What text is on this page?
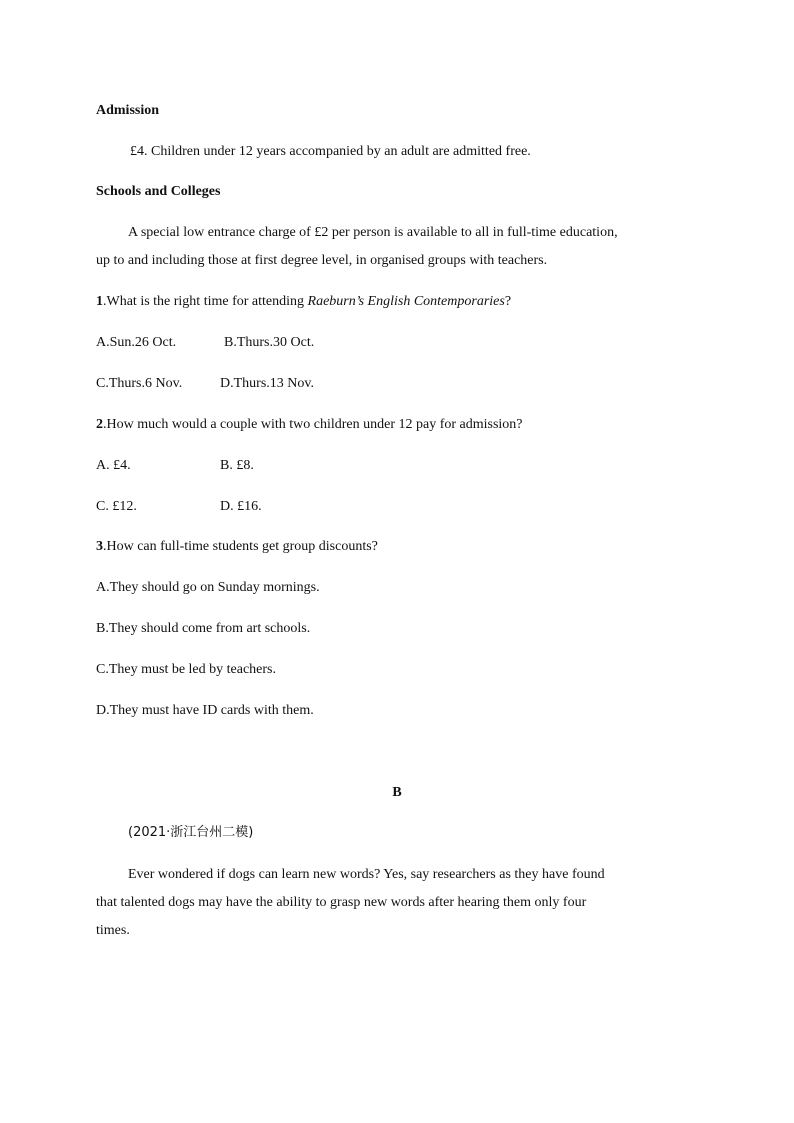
Admission
£4. Children under 12 years accompanied by an adult are admitted free.
Schools and Colleges
A special low entrance charge of £2 per person is available to all in full-time education,
up to and including those at first degree level, in organised groups with teachers.
1.What is the right time for attending Raeburn’s English Contemporaries?
A.Sun.26 Oct.	B.Thurs.30 Oct.
C.Thurs.6 Nov.	D.Thurs.13 Nov.
2.How much would a couple with two children under 12 pay for admission?
A. £4.	B. £8.
C. £12.	D. £16.
3.How can full-time students get group discounts?
A.They should go on Sunday mornings.
B.They should come from art schools.
C.They must be led by teachers.
D.They must have ID cards with them.
B
(2021·浙江台州二模)
Ever wondered if dogs can learn new words? Yes, say researchers as they have found
that talented dogs may have the ability to grasp new words after hearing them only four
times.
